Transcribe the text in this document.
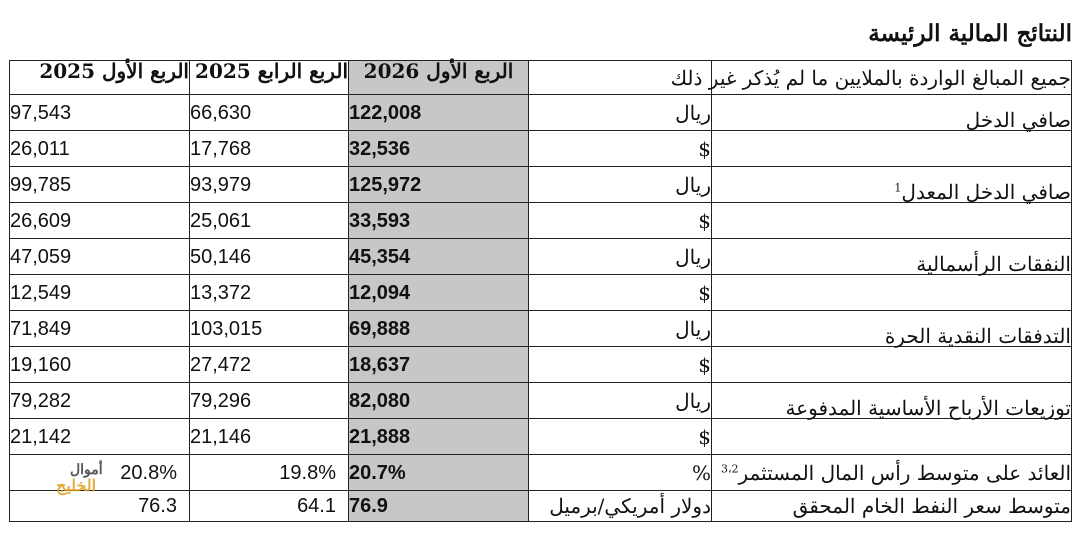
النتائج المالية الرئيسة
الربع الأول 2025	الربع الرابع 2025	الربع الأول 2026		جميع المبالغ الواردة بالملايين ما لم يُذكر غير ذلك
97,543	66,630	122,008	ريال	صافي الدخل
26,011	17,768	32,536	$	
99,785	93,979	125,972	ريال	صافي الدخل المعدل$^1$
26,609	25,061	33,593	$	
47,059	50,146	45,354	ريال	النفقات الرأسمالية
12,549	13,372	12,094	$	
71,849	103,015	69,888	ريال	التدفقات النقدية الحرة
19,160	27,472	18,637	$	
79,282	79,296	82,080	ريال	توزيعات الأرباح الأساسية المدفوعة
21,142	21,146	21,888	$	
20.8%	19.8%	20.7%	%	العائد على متوسط رأس المال المستثمر$^{3،2}$
76.3	64.1	76.9	دولار أمريكي/برميل	متوسط سعر النفط الخام المحقق
أموال
الخليج
